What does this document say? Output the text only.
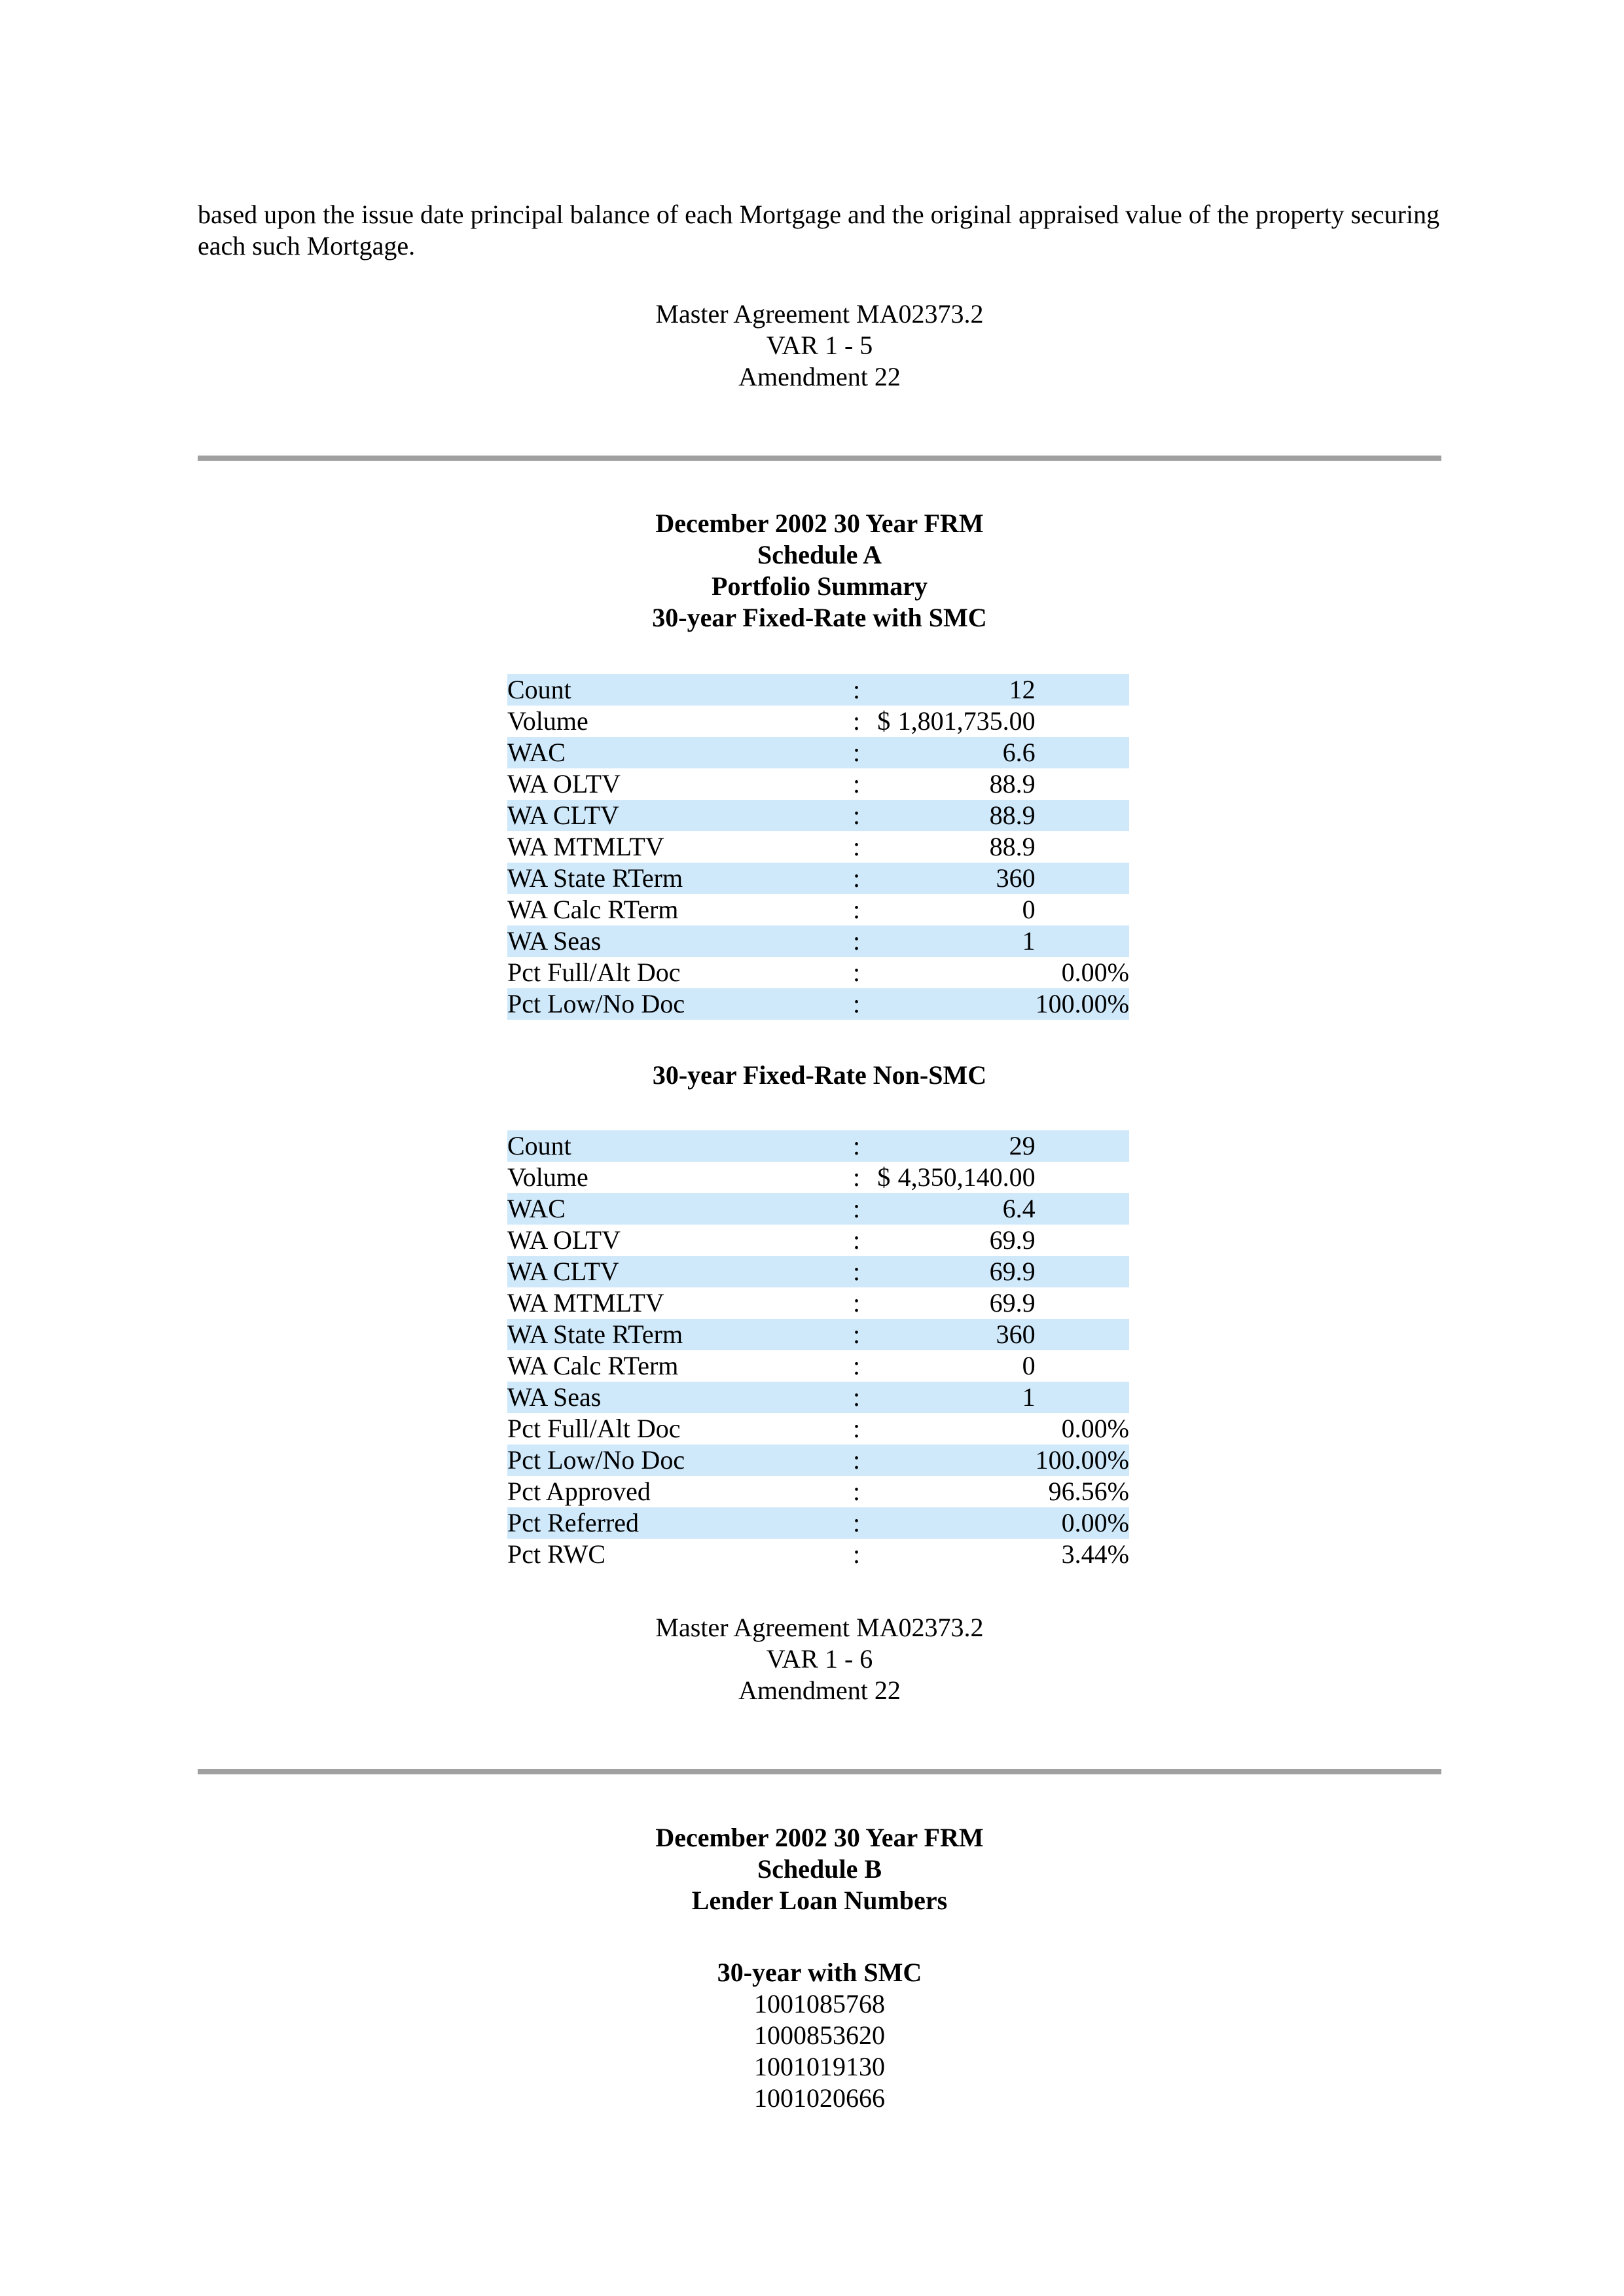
based upon the issue date principal balance of each Mortgage and the original appraised value of the property securing each such Mortgage.

Master Agreement MA02373.2
VAR 1 - 5
Amendment 22
December 2002 30 Year FRM
Schedule A
Portfolio Summary
30-year Fixed-Rate with SMC
Count	:		12	
Volume	:	$	1,801,735.00	
WAC	:		6.6	
WA OLTV	:		88.9	
WA CLTV	:		88.9	
WA MTMLTV	:		88.9	
WA State RTerm	:		360	
WA Calc RTerm	:		0	
WA Seas	:		1	
Pct Full/Alt Doc	:			0.00%
Pct Low/No Doc	:			100.00%
30-year Fixed-Rate Non-SMC
Count	:		29	
Volume	:	$	4,350,140.00	
WAC	:		6.4	
WA OLTV	:		69.9	
WA CLTV	:		69.9	
WA MTMLTV	:		69.9	
WA State RTerm	:		360	
WA Calc RTerm	:		0	
WA Seas	:		1	
Pct Full/Alt Doc	:			0.00%
Pct Low/No Doc	:			100.00%
Pct Approved	:			96.56%
Pct Referred	:			0.00%
Pct RWC	:			3.44%
Master Agreement MA02373.2
VAR 1 - 6
Amendment 22
December 2002 30 Year FRM
Schedule B
Lender Loan Numbers
30-year with SMC
1001085768
1000853620
1001019130
1001020666
